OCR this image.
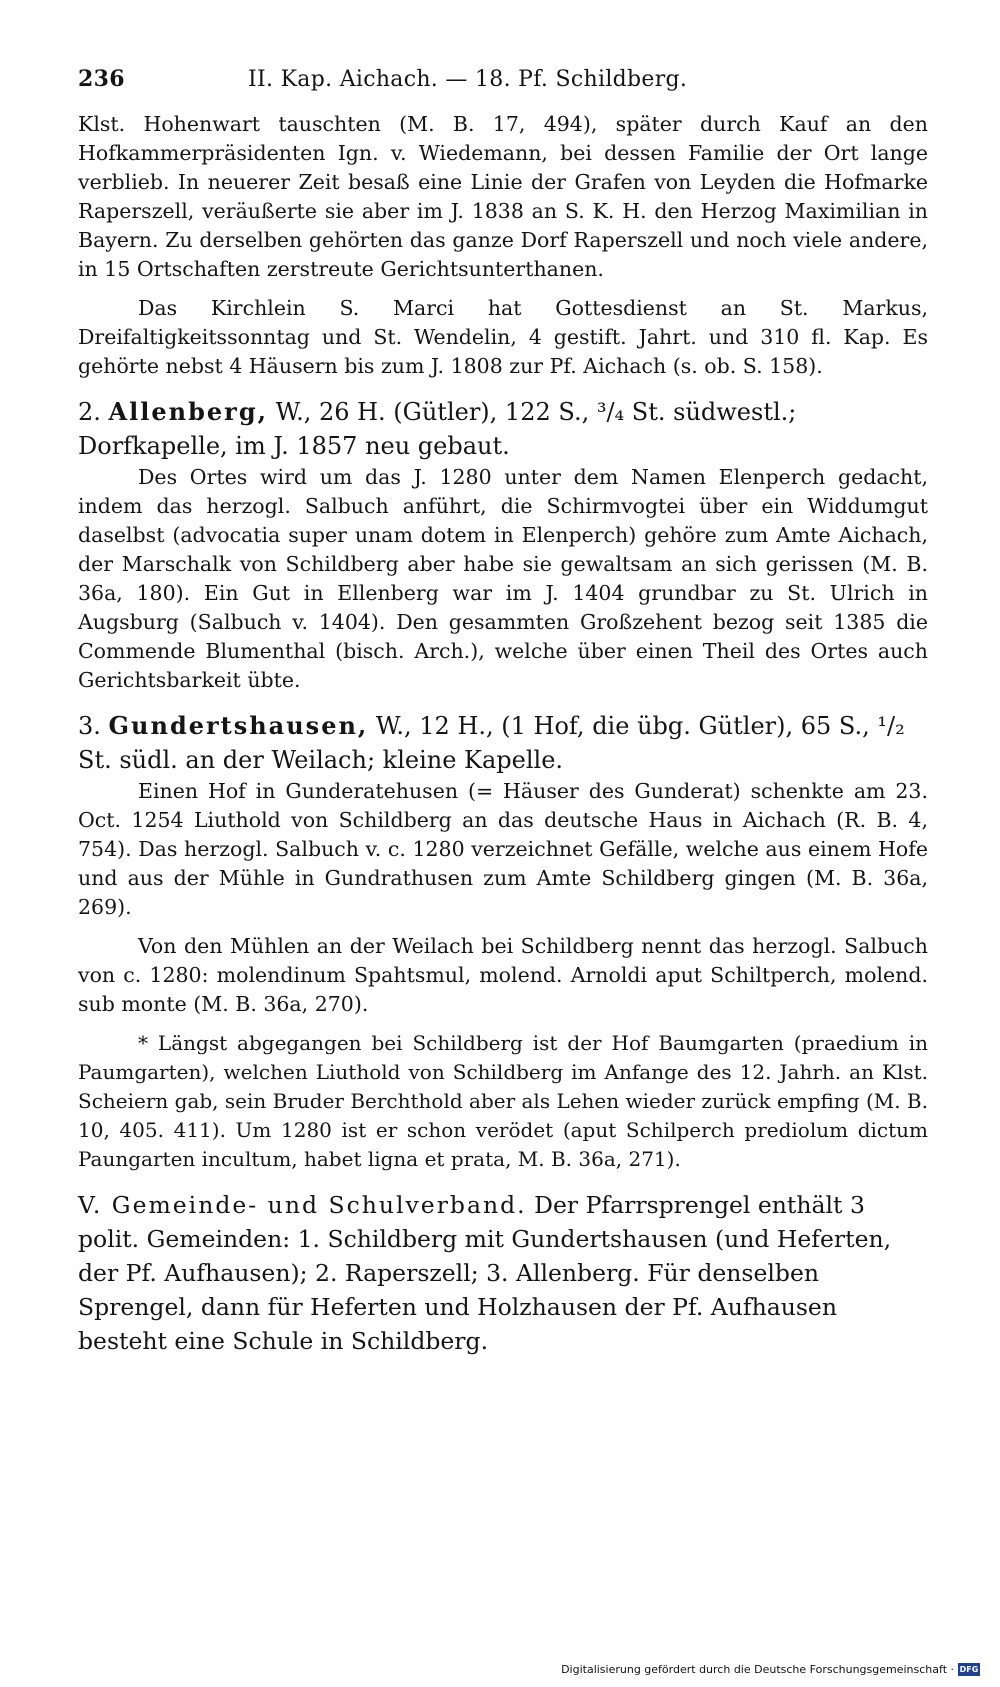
236	II. Kap. Aichach. — 18. Pf. Schildberg.

Klst. Hohenwart tauschten (M. B. 17, 494), später durch Kauf an den Hofkammerpräsidenten Ign. v. Wiedemann, bei dessen Familie der Ort lange verblieb. In neuerer Zeit besaß eine Linie der Grafen von Leyden die Hofmarke Raperszell, veräußerte sie aber im J. 1838 an S. K. H. den Herzog Maximilian in Bayern. Zu derselben gehörten das ganze Dorf Raperszell und noch viele andere, in 15 Ortschaften zerstreute Gerichtsunterthanen.

Das Kirchlein S. Marci hat Gottesdienst an St. Markus, Dreifaltigkeitssonntag und St. Wendelin, 4 gestift. Jahrt. und 310 fl. Kap. Es gehörte nebst 4 Häusern bis zum J. 1808 zur Pf. Aichach (s. ob. S. 158).

2. Allenberg, W., 26 H. (Gütler), 122 S., ³/₄ St. südwestl.; Dorfkapelle, im J. 1857 neu gebaut.

Des Ortes wird um das J. 1280 unter dem Namen Elenperch gedacht, indem das herzogl. Salbuch anführt, die Schirmvogtei über ein Widdumgut daselbst (advocatia super unam dotem in Elenperch) gehöre zum Amte Aichach, der Marschalk von Schildberg aber habe sie gewaltsam an sich gerissen (M. B. 36a, 180). Ein Gut in Ellenberg war im J. 1404 grundbar zu St. Ulrich in Augsburg (Salbuch v. 1404). Den gesammten Großzehent bezog seit 1385 die Commende Blumenthal (bisch. Arch.), welche über einen Theil des Ortes auch Gerichtsbarkeit übte.

3. Gundertshausen, W., 12 H., (1 Hof, die übg. Gütler), 65 S., ¹/₂ St. südl. an der Weilach; kleine Kapelle.

Einen Hof in Gunderatehusen (= Häuser des Gunderat) schenkte am 23. Oct. 1254 Liuthold von Schildberg an das deutsche Haus in Aichach (R. B. 4, 754). Das herzogl. Salbuch v. c. 1280 verzeichnet Gefälle, welche aus einem Hofe und aus der Mühle in Gundrathusen zum Amte Schildberg gingen (M. B. 36a, 269).

Von den Mühlen an der Weilach bei Schildberg nennt das herzogl. Salbuch von c. 1280: molendinum Spahtsmul, molend. Arnoldi aput Schiltperch, molend. sub monte (M. B. 36a, 270).

* Längst abgegangen bei Schildberg ist der Hof Baumgarten (praedium in Paumgarten), welchen Liuthold von Schildberg im Anfange des 12. Jahrh. an Klst. Scheiern gab, sein Bruder Berchthold aber als Lehen wieder zurück empfing (M. B. 10, 405. 411). Um 1280 ist er schon verödet (aput Schilperch prediolum dictum Paungarten incultum, habet ligna et prata, M. B. 36a, 271).

V. Gemeinde- und Schulverband. Der Pfarrsprengel enthält 3 polit. Gemeinden: 1. Schildberg mit Gundertshausen (und Heferten, der Pf. Aufhausen); 2. Raperszell; 3. Allenberg. Für denselben Sprengel, dann für Heferten und Holzhausen der Pf. Aufhausen besteht eine Schule in Schildberg.
Digitalisierung gefördert durch die Deutsche Forschungsgemeinschaft · DFG
